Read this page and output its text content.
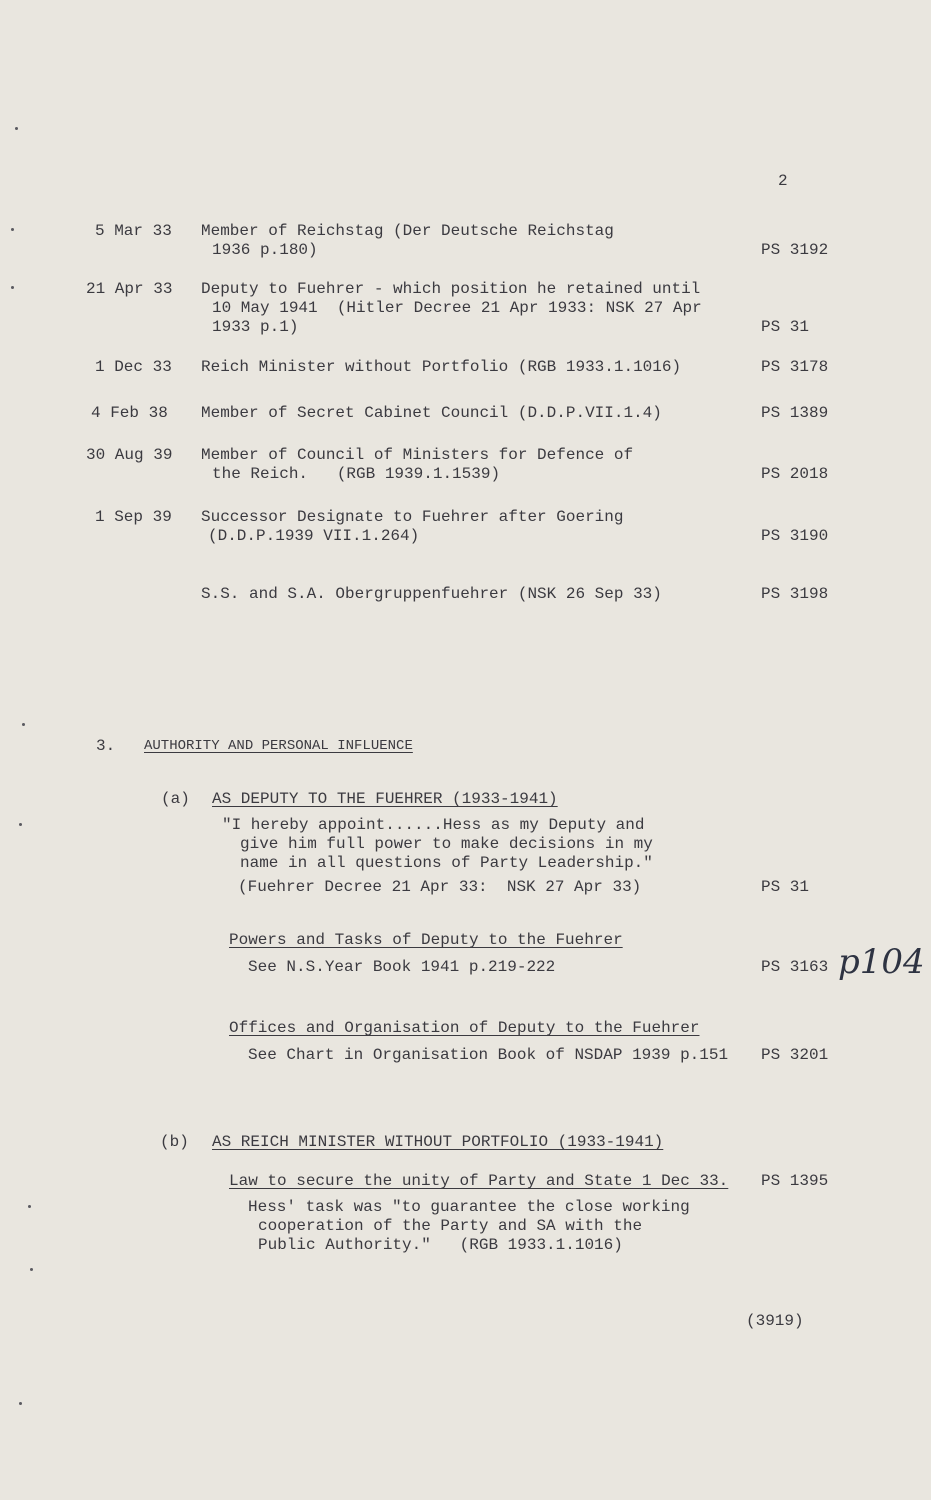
2
5 Mar 33 Member of Reichstag (Der Deutsche Reichstag
1936 p.180)	PS 3192
21 Apr 33 Deputy to Fuehrer - which position he retained until
10 May 1941  (Hitler Decree 21 Apr 1933: NSK 27 Apr
1933 p.1)	PS 31
1 Dec 33 Reich Minister without Portfolio (RGB 1933.1.1016)	PS 3178
4 Feb 38 Member of Secret Cabinet Council (D.D.P.VII.1.4)	PS 1389
30 Aug 39 Member of Council of Ministers for Defence of
the Reich.   (RGB 1939.1.1539)	PS 2018
1 Sep 39 Successor Designate to Fuehrer after Goering
(D.D.P.1939 VII.1.264)	PS 3190
S.S. and S.A. Obergruppenfuehrer (NSK 26 Sep 33)	PS 3198
3. AUTHORITY AND PERSONAL INFLUENCE
(a) AS DEPUTY TO THE FUEHRER (1933-1941)
"I hereby appoint......Hess as my Deputy and
give him full power to make decisions in my
name in all questions of Party Leadership."
(Fuehrer Decree 21 Apr 33:  NSK 27 Apr 33)	PS 31
Powers and Tasks of Deputy to the Fuehrer
See N.S.Year Book 1941 p.219-222	PS 3163 p104
Offices and Organisation of Deputy to the Fuehrer
See Chart in Organisation Book of NSDAP 1939 p.151 PS 3201
(b) AS REICH MINISTER WITHOUT PORTFOLIO (1933-1941)
Law to secure the unity of Party and State 1 Dec 33. PS 1395
Hess' task was "to guarantee the close working
cooperation of the Party and SA with the
Public Authority."   (RGB 1933.1.1016)
(3919)
